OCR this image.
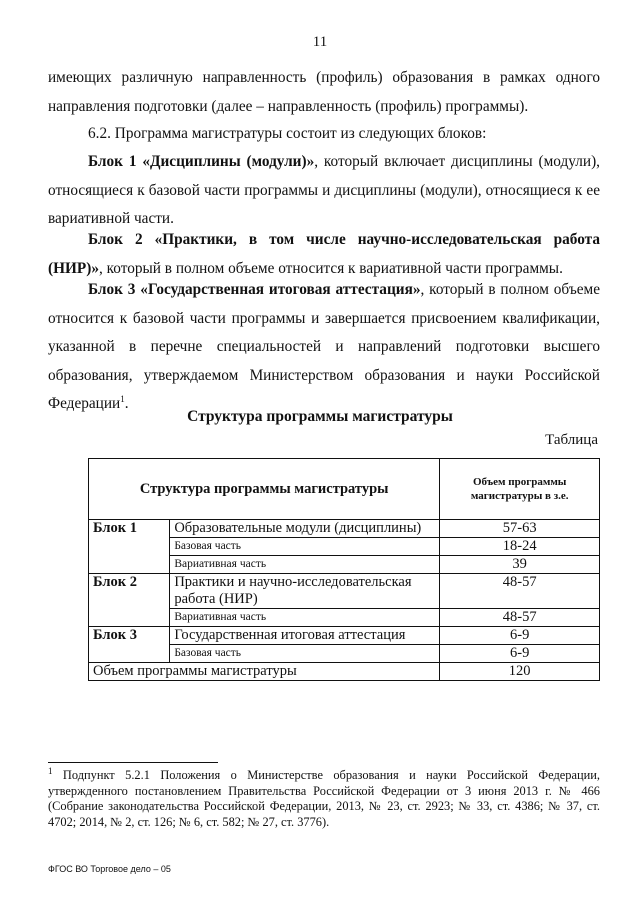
11

имеющих различную направленность (профиль) образования в рамках одного направления подготовки (далее – направленность (профиль) программы).

6.2. Программа магистратуры состоит из следующих блоков:

Блок 1 «Дисциплины (модули)», который включает дисциплины (модули), относящиеся к базовой части программы и дисциплины (модули), относящиеся к ее вариативной части.

Блок 2 «Практики, в том числе научно-исследовательская работа (НИР)», который в полном объеме относится к вариативной части программы.

Блок 3 «Государственная итоговая аттестация», который в полном объеме относится к базовой части программы и завершается присвоением квалификации, указанной в перечне специальностей и направлений подготовки высшего образования, утверждаемом Министерством образования и науки Российской Федерации$^1$.

Структура программы магистратуры
Таблица
Структура программы магистратуры		Объем программы магистратуры в з.е.
Блок 1	Образовательные модули (дисциплины)	57-63
	Базовая часть	18-24
	Вариативная часть	39
Блок 2	Практики и научно-исследовательская работа (НИР)	48-57
	Вариативная часть	48-57
Блок 3	Государственная итоговая аттестация	6-9
	Базовая часть	6-9
Объем программы магистратуры		120
$^1$ Подпункт 5.2.1 Положения о Министерстве образования и науки Российской Федерации, утвержденного постановлением Правительства Российской Федерации от 3 июня 2013 г. № 466 (Собрание законодательства Российской Федерации, 2013, № 23, ст. 2923; № 33, ст. 4386; № 37, ст. 4702; 2014, № 2, ст. 126; № 6, ст. 582; № 27, ст. 3776).
ФГОС ВО Торговое дело – 05
